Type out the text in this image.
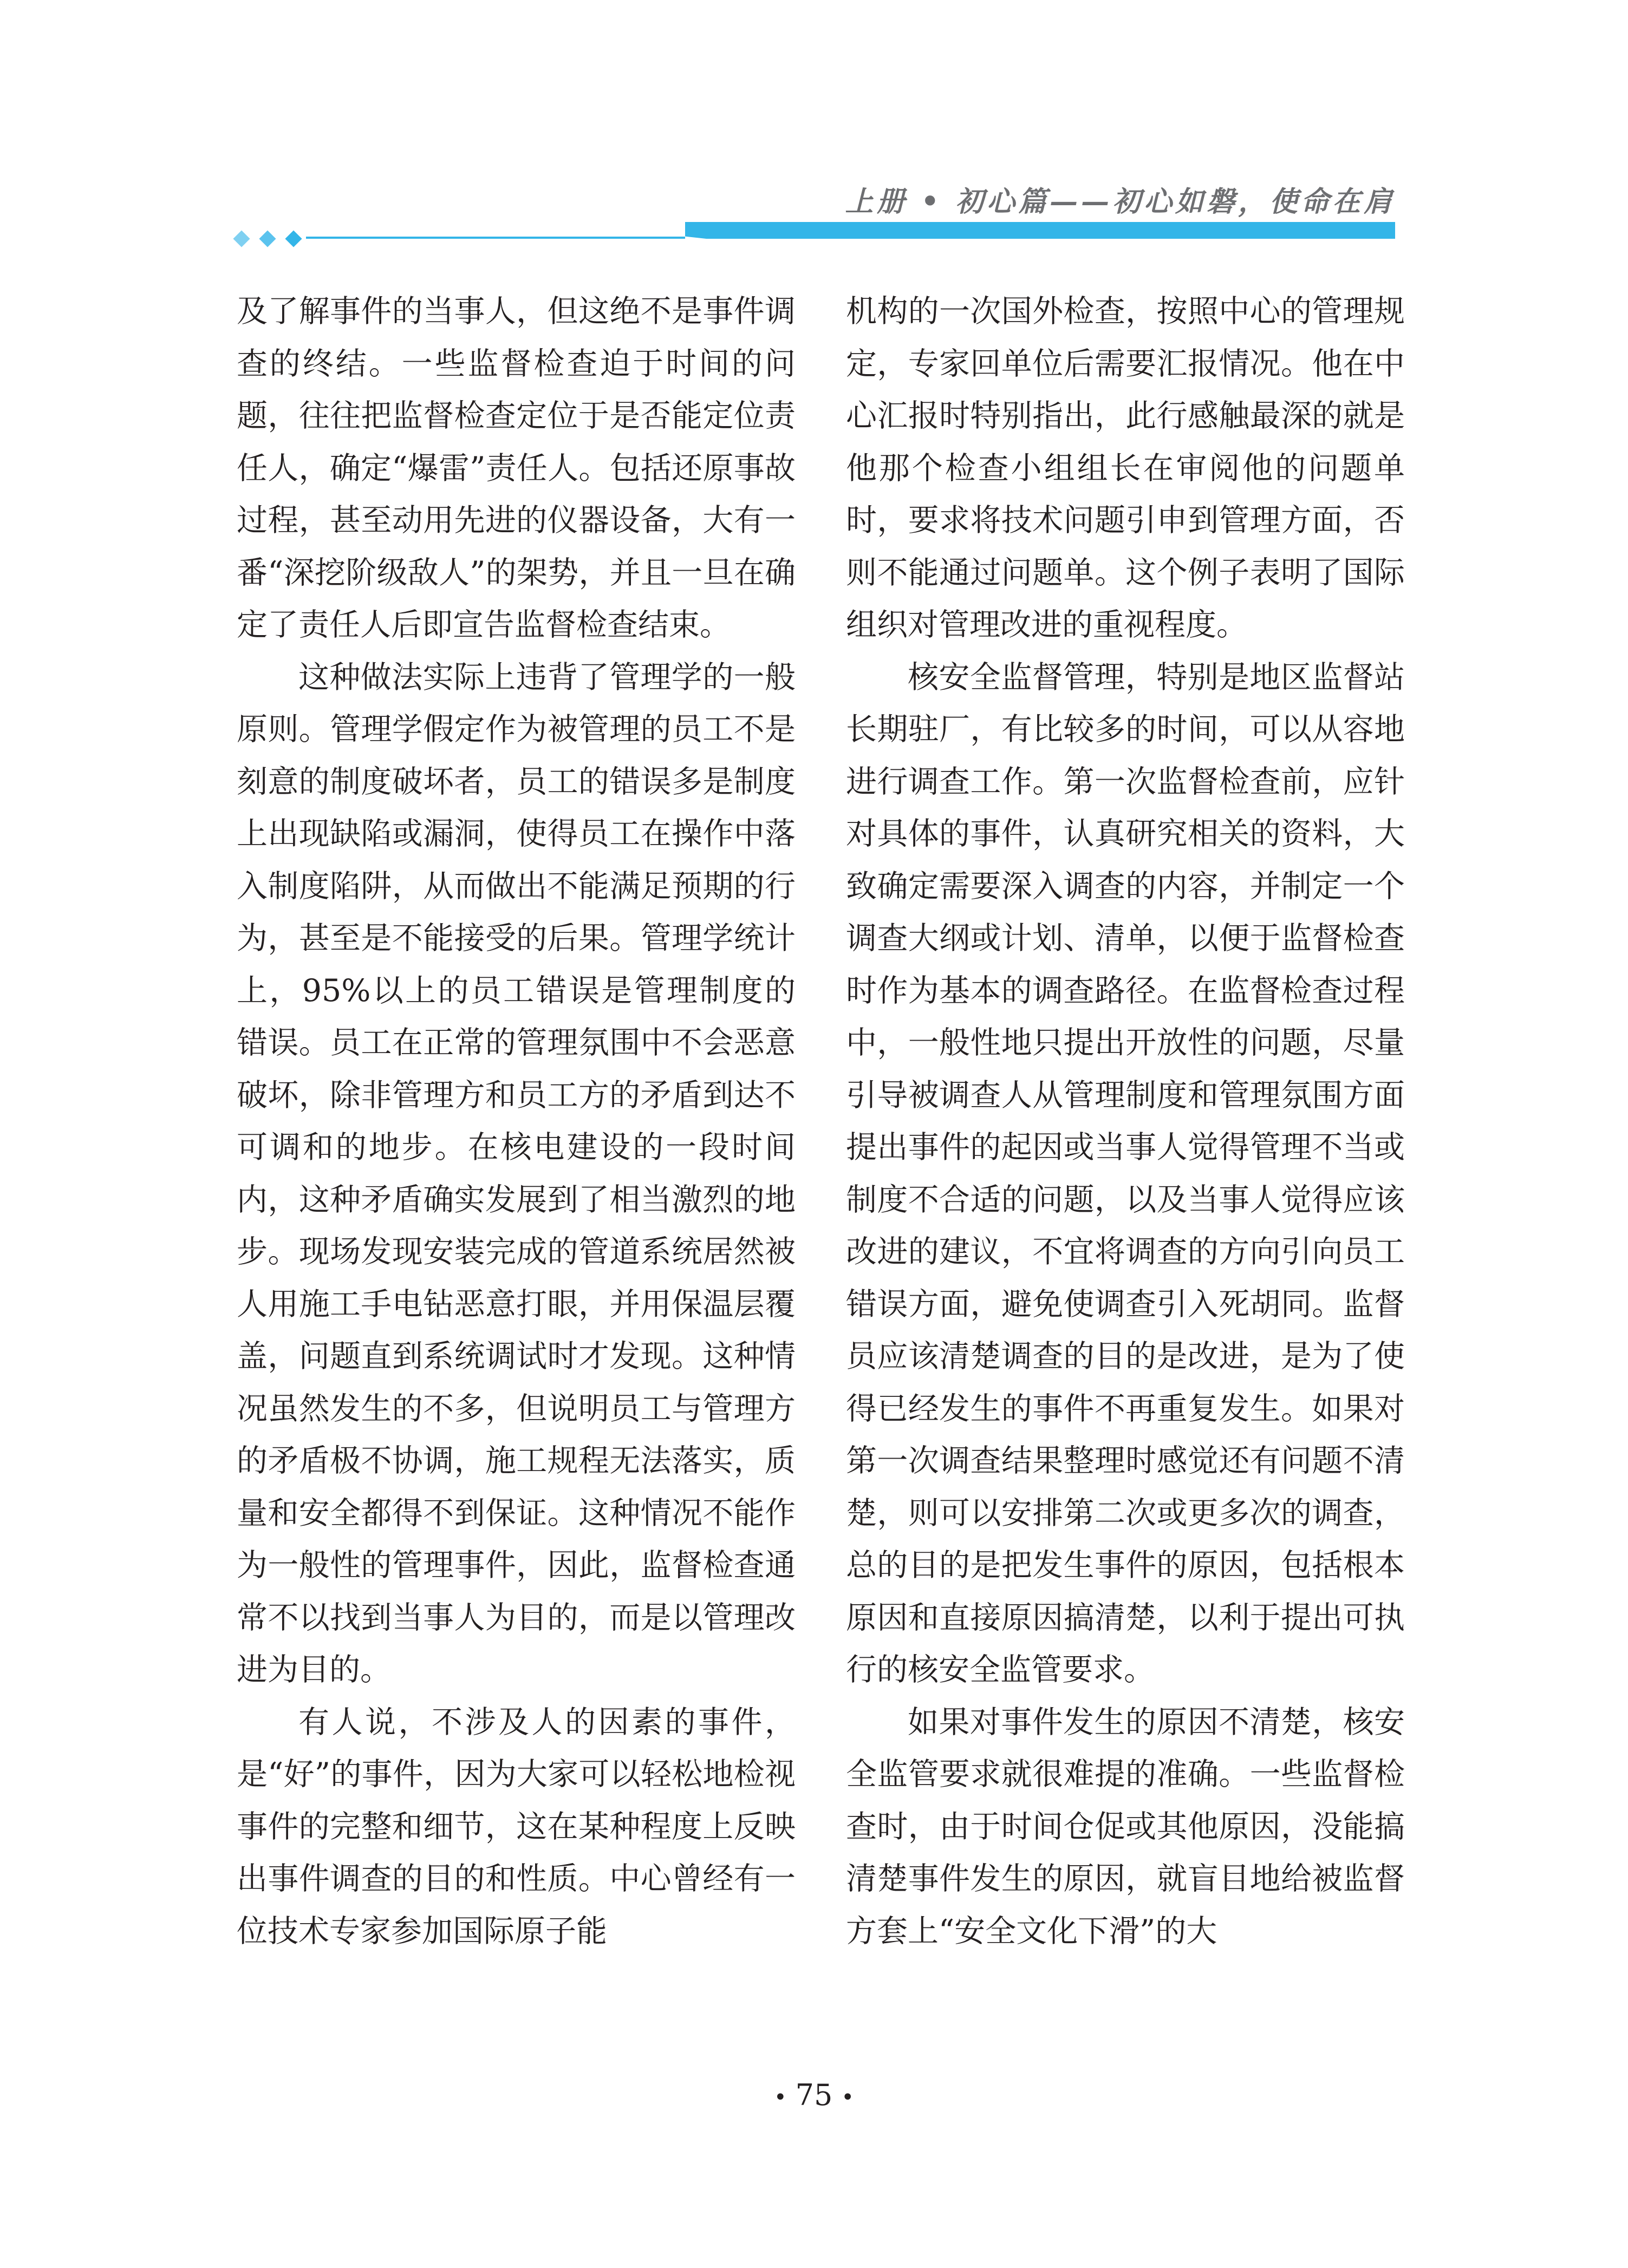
上册 • 初心篇——初心如磐，使命在肩

及了解事件的当事人，但这绝不是事件调查的终结。一些监督检查迫于时间的问题，往往把监督检查定位于是否能定位责任人，确定“爆雷”责任人。包括还原事故过程，甚至动用先进的仪器设备，大有一番“深挖阶级敌人”的架势，并且一旦在确定了责任人后即宣告监督检查结束。

这种做法实际上违背了管理学的一般原则。管理学假定作为被管理的员工不是刻意的制度破坏者，员工的错误多是制度上出现缺陷或漏洞，使得员工在操作中落入制度陷阱，从而做出不能满足预期的行为，甚至是不能接受的后果。管理学统计上，95%以上的员工错误是管理制度的错误。员工在正常的管理氛围中不会恶意破坏，除非管理方和员工方的矛盾到达不可调和的地步。在核电建设的一段时间内，这种矛盾确实发展到了相当激烈的地步。现场发现安装完成的管道系统居然被人用施工手电钻恶意打眼，并用保温层覆盖，问题直到系统调试时才发现。这种情况虽然发生的不多，但说明员工与管理方的矛盾极不协调，施工规程无法落实，质量和安全都得不到保证。这种情况不能作为一般性的管理事件，因此，监督检查通常不以找到当事人为目的，而是以管理改进为目的。

有人说，不涉及人的因素的事件，是“好”的事件，因为大家可以轻松地检视事件的完整和细节，这在某种程度上反映出事件调查的目的和性质。中心曾经有一位技术专家参加国际原子能

机构的一次国外检查，按照中心的管理规定，专家回单位后需要汇报情况。他在中心汇报时特别指出，此行感触最深的就是他那个检查小组组长在审阅他的问题单时，要求将技术问题引申到管理方面，否则不能通过问题单。这个例子表明了国际组织对管理改进的重视程度。

核安全监督管理，特别是地区监督站长期驻厂，有比较多的时间，可以从容地进行调查工作。第一次监督检查前，应针对具体的事件，认真研究相关的资料，大致确定需要深入调查的内容，并制定一个调查大纲或计划、清单，以便于监督检查时作为基本的调查路径。在监督检查过程中，一般性地只提出开放性的问题，尽量引导被调查人从管理制度和管理氛围方面提出事件的起因或当事人觉得管理不当或制度不合适的问题，以及当事人觉得应该改进的建议，不宜将调查的方向引向员工错误方面，避免使调查引入死胡同。监督员应该清楚调查的目的是改进，是为了使得已经发生的事件不再重复发生。如果对第一次调查结果整理时感觉还有问题不清楚，则可以安排第二次或更多次的调查，总的目的是把发生事件的原因，包括根本原因和直接原因搞清楚，以利于提出可执行的核安全监管要求。

如果对事件发生的原因不清楚，核安全监管要求就很难提的准确。一些监督检查时，由于时间仓促或其他原因，没能搞清楚事件发生的原因，就盲目地给被监督方套上“安全文化下滑”的大

• 75 •
